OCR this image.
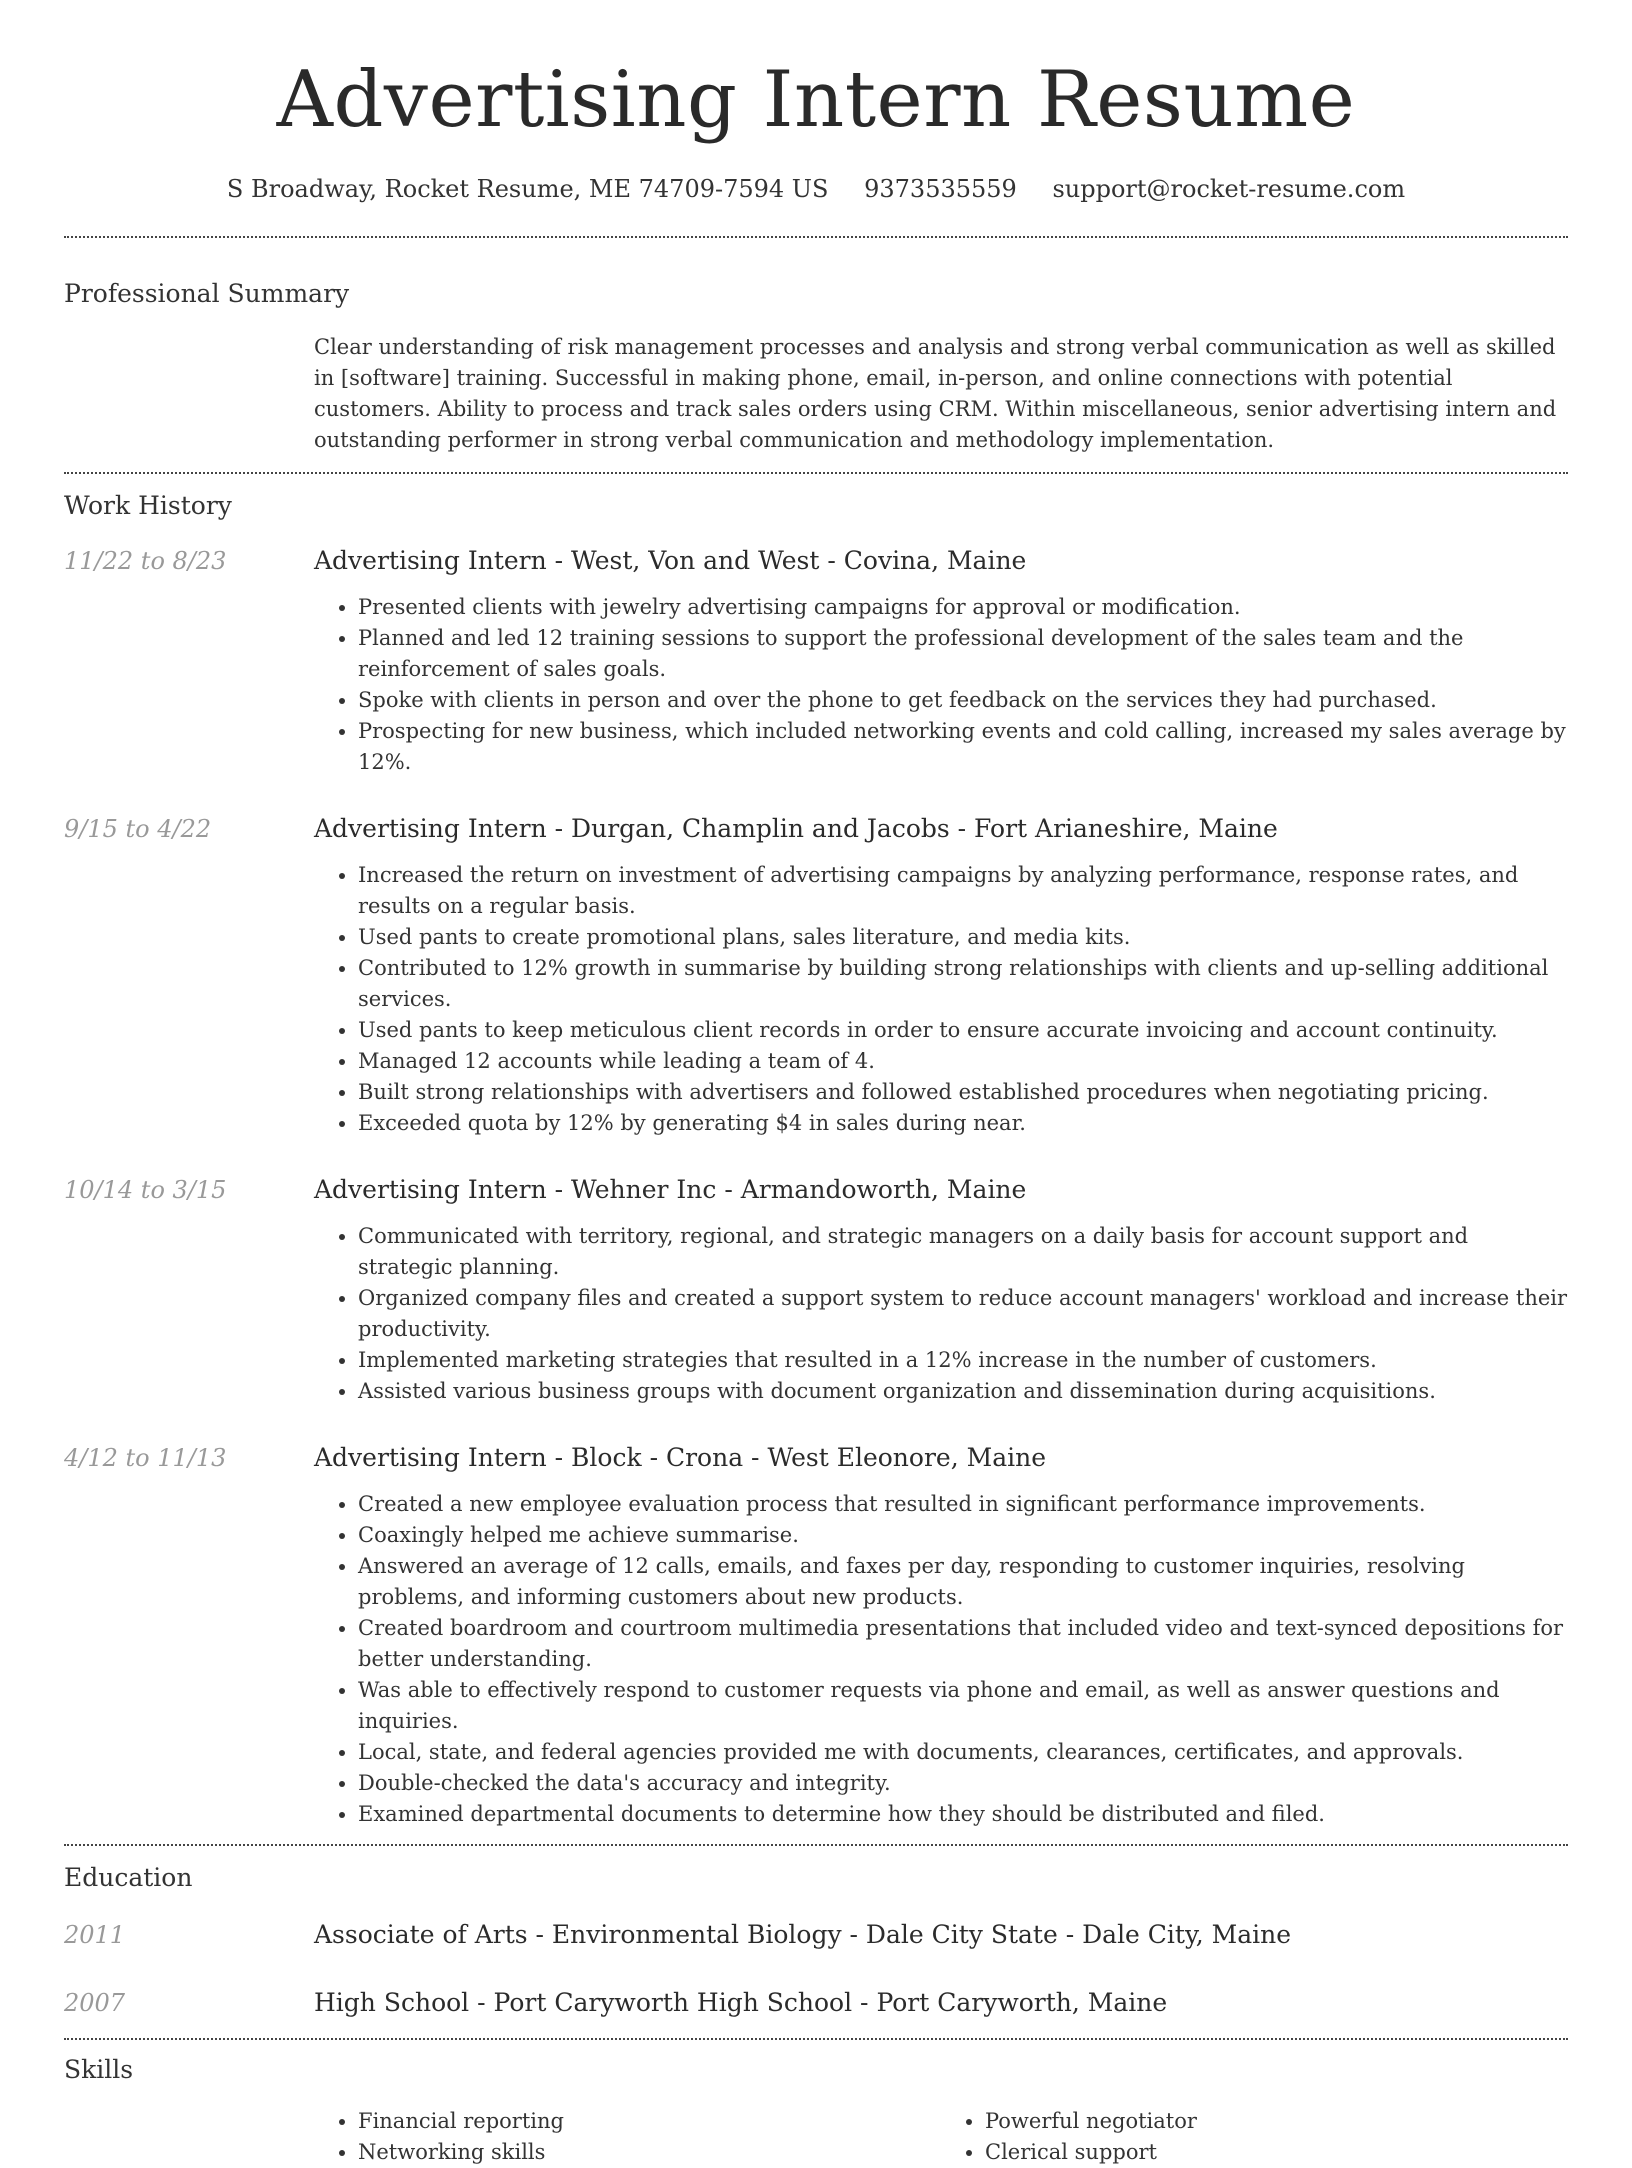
Advertising Intern Resume
S Broadway, Rocket Resume, ME 74709-7594 US 9373535559 support@rocket-resume.com
Professional Summary

Clear understanding of risk management processes and analysis and strong verbal communication as well as skilled in [software] training. Successful in making phone, email, in-person, and online connections with potential customers. Ability to process and track sales orders using CRM. Within miscellaneous, senior advertising intern and outstanding performer in strong verbal communication and methodology implementation.

Work History
11/22 to 8/23	Advertising Intern - West, Von and West - Covina, Maine
• Presented clients with jewelry advertising campaigns for approval or modification.
• Planned and led 12 training sessions to support the professional development of the sales team and the reinforcement of sales goals.
• Spoke with clients in person and over the phone to get feedback on the services they had purchased.
• Prospecting for new business, which included networking events and cold calling, increased my sales average by 12%.
9/15 to 4/22	Advertising Intern - Durgan, Champlin and Jacobs - Fort Arianeshire, Maine
• Increased the return on investment of advertising campaigns by analyzing performance, response rates, and results on a regular basis.
• Used pants to create promotional plans, sales literature, and media kits.
• Contributed to 12% growth in summarise by building strong relationships with clients and up-selling additional services.
• Used pants to keep meticulous client records in order to ensure accurate invoicing and account continuity.
• Managed 12 accounts while leading a team of 4.
• Built strong relationships with advertisers and followed established procedures when negotiating pricing.
• Exceeded quota by 12% by generating $4 in sales during near.
10/14 to 3/15	Advertising Intern - Wehner Inc - Armandoworth, Maine
• Communicated with territory, regional, and strategic managers on a daily basis for account support and strategic planning.
• Organized company files and created a support system to reduce account managers' workload and increase their productivity.
• Implemented marketing strategies that resulted in a 12% increase in the number of customers.
• Assisted various business groups with document organization and dissemination during acquisitions.
4/12 to 11/13	Advertising Intern - Block - Crona - West Eleonore, Maine
• Created a new employee evaluation process that resulted in significant performance improvements.
• Coaxingly helped me achieve summarise.
• Answered an average of 12 calls, emails, and faxes per day, responding to customer inquiries, resolving problems, and informing customers about new products.
• Created boardroom and courtroom multimedia presentations that included video and text-synced depositions for better understanding.
• Was able to effectively respond to customer requests via phone and email, as well as answer questions and inquiries.
• Local, state, and federal agencies provided me with documents, clearances, certificates, and approvals.
• Double-checked the data's accuracy and integrity.
• Examined departmental documents to determine how they should be distributed and filed.
Education
2011	Associate of Arts - Environmental Biology - Dale City State - Dale City, Maine
2007	High School - Port Caryworth High School - Port Caryworth, Maine
Skills
• Financial reporting
• Networking skills
• Powerful negotiator
• Clerical support
